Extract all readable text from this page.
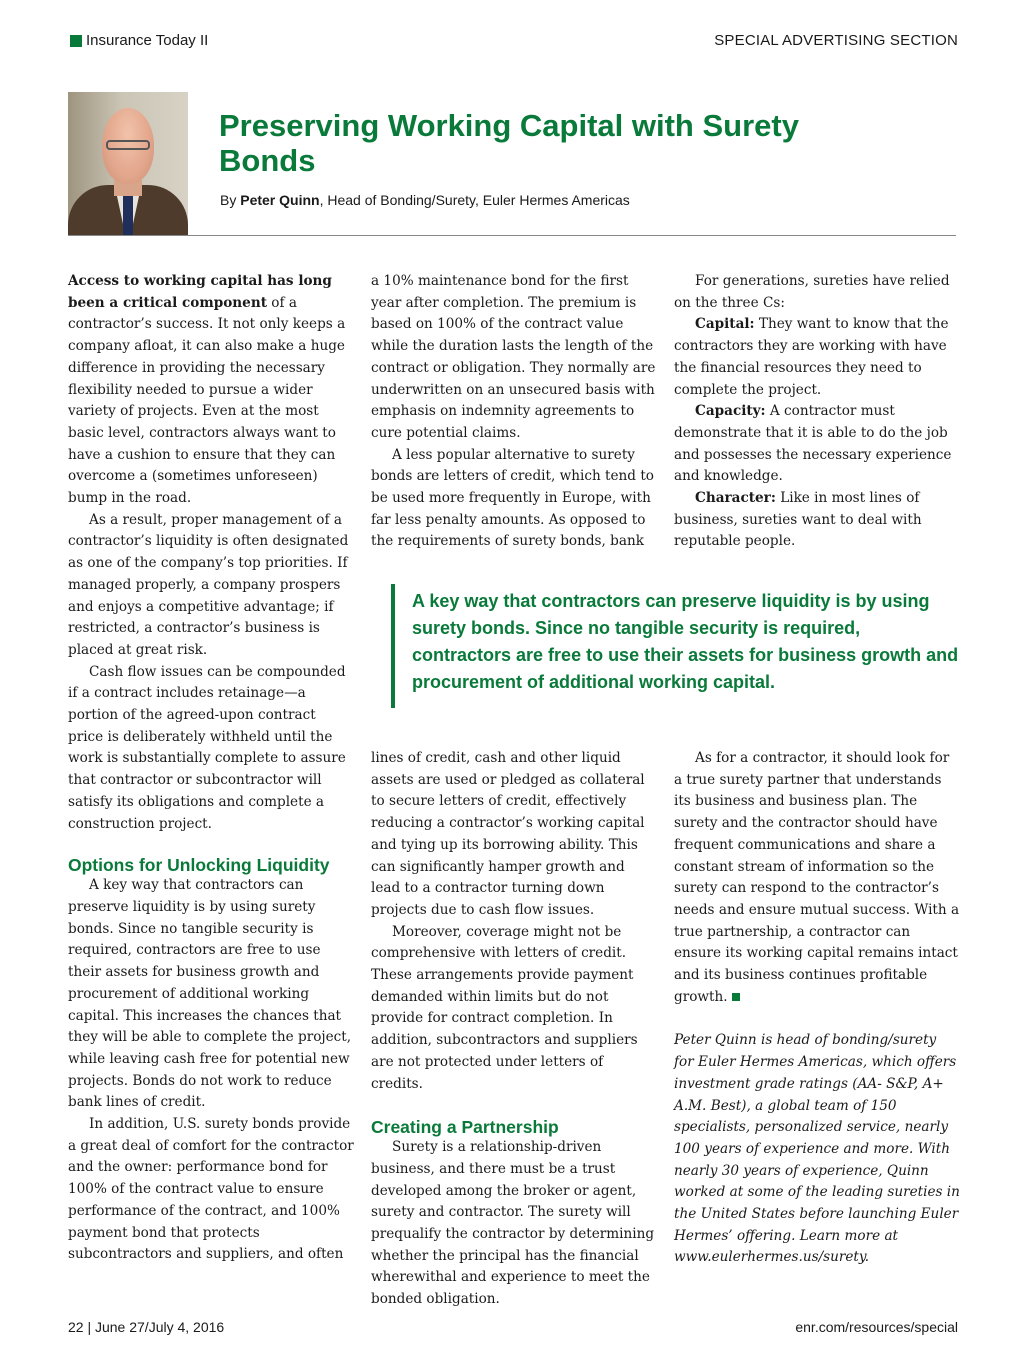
Insurance Today II	SPECIAL ADVERTISING SECTION
Preserving Working Capital with Surety Bonds
By Peter Quinn, Head of Bonding/Surety, Euler Hermes Americas

Access to working capital has long been a critical component of a contractor’s success. It not only keeps a company afloat, it can also make a huge difference in providing the necessary flexibility needed to pursue a wider variety of projects. Even at the most basic level, contractors always want to have a cushion to ensure that they can overcome a (sometimes unforeseen) bump in the road.

As a result, proper management of a contractor’s liquidity is often designated as one of the company’s top priorities. If managed properly, a company prospers and enjoys a competitive advantage; if restricted, a contractor’s business is placed at great risk.

Cash flow issues can be compounded if a contract includes retainage—a portion of the agreed-upon contract price is deliberately withheld until the work is substantially complete to assure that contractor or subcontractor will satisfy its obligations and complete a construction project.

Options for Unlocking Liquidity

A key way that contractors can preserve liquidity is by using surety bonds. Since no tangible security is required, contractors are free to use their assets for business growth and procurement of additional working capital. This increases the chances that they will be able to complete the project, while leaving cash free for potential new projects. Bonds do not work to reduce bank lines of credit.

In addition, U.S. surety bonds provide a great deal of comfort for the contractor and the owner: performance bond for 100% of the contract value to ensure performance of the contract, and 100% payment bond that protects subcontractors and suppliers, and often

a 10% maintenance bond for the first year after completion. The premium is based on 100% of the contract value while the duration lasts the length of the contract or obligation. They normally are underwritten on an unsecured basis with emphasis on indemnity agreements to cure potential claims.

A less popular alternative to surety bonds are letters of credit, which tend to be used more frequently in Europe, with far less penalty amounts. As opposed to the requirements of surety bonds, bank

For generations, sureties have relied on the three Cs:

Capital: They want to know that the contractors they are working with have the financial resources they need to complete the project.

Capacity: A contractor must demonstrate that it is able to do the job and possesses the necessary experience and knowledge.

Character: Like in most lines of business, sureties want to deal with reputable people.

A key way that contractors can preserve liquidity is by using surety bonds. Since no tangible security is required, contractors are free to use their assets for business growth and procurement of additional working capital.

lines of credit, cash and other liquid assets are used or pledged as collateral to secure letters of credit, effectively reducing a contractor’s working capital and tying up its borrowing ability. This can significantly hamper growth and lead to a contractor turning down projects due to cash flow issues.

Moreover, coverage might not be comprehensive with letters of credit. These arrangements provide payment demanded within limits but do not provide for contract completion. In addition, subcontractors and suppliers are not protected under letters of credits.

Creating a Partnership

Surety is a relationship-driven business, and there must be a trust developed among the broker or agent, surety and contractor. The surety will prequalify the contractor by determining whether the principal has the financial wherewithal and experience to meet the bonded obligation.

As for a contractor, it should look for a true surety partner that understands its business and business plan. The surety and the contractor should have frequent communications and share a constant stream of information so the surety can respond to the contractor’s needs and ensure mutual success. With a true partnership, a contractor can ensure its working capital remains intact and its business continues profitable growth.

Peter Quinn is head of bonding/surety for Euler Hermes Americas, which offers investment grade ratings (AA- S&P, A+ A.M. Best), a global team of 150 specialists, personalized service, nearly 100 years of experience and more. With nearly 30 years of experience, Quinn worked at some of the leading sureties in the United States before launching Euler Hermes’ offering. Learn more at www.eulerhermes.us/surety.

22 | June 27/July 4, 2016	enr.com/resources/special
